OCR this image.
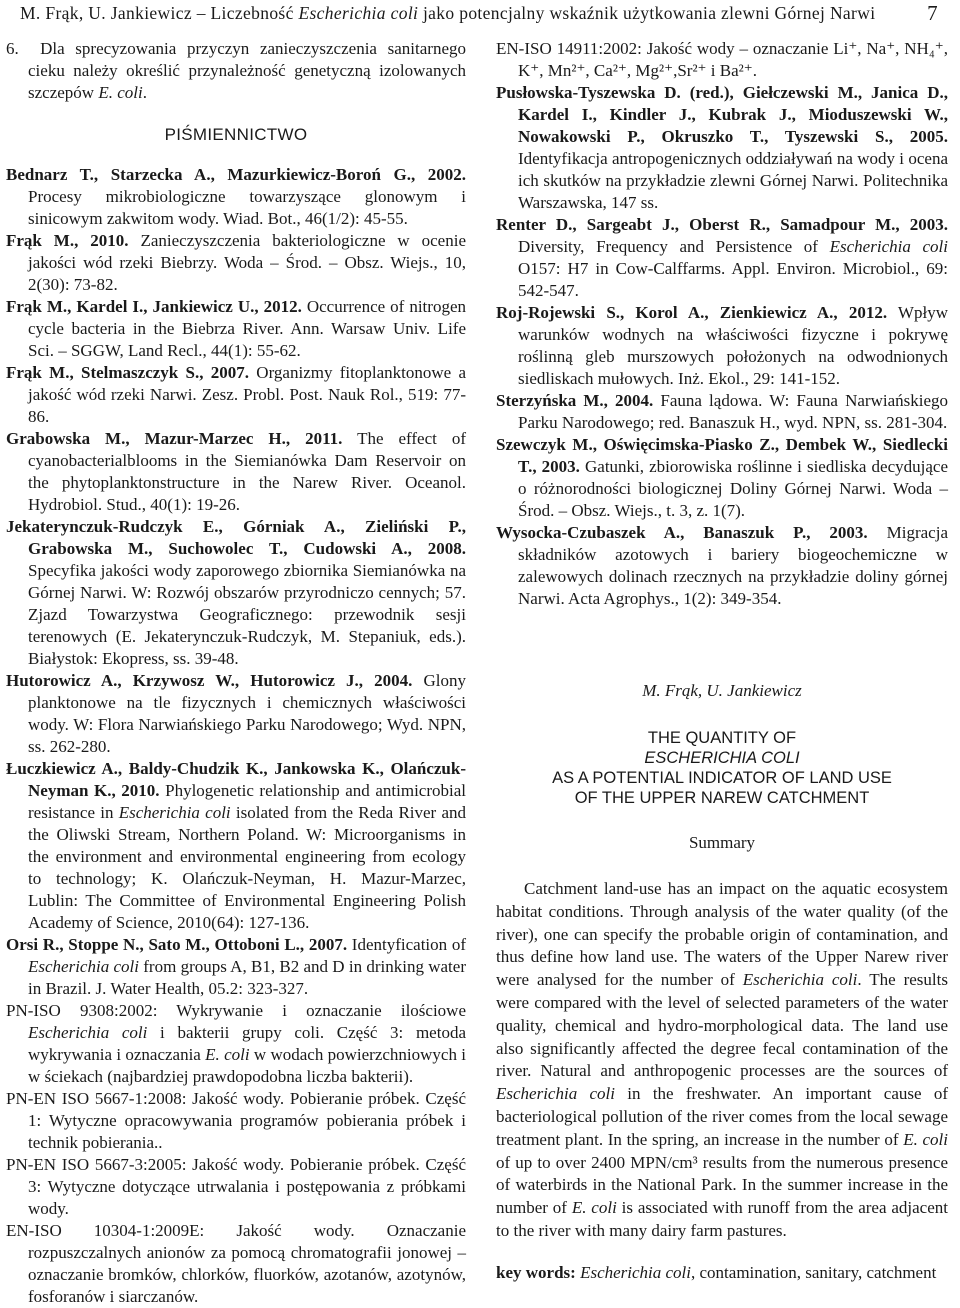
M. Frąk, U. Jankiewicz – Liczebność Escherichia coli jako potencjalny wskaźnik użytkowania zlewni Górnej Narwi 7

6. Dla sprecyzowania przyczyn zanieczyszczenia sanitarnego cieku należy określić przynależność genetyczną izolowanych szczepów E. coli.

PIŚMIENNICTWO

Bednarz T., Starzecka A., Mazurkiewicz-Boroń G., 2002. Procesy mikrobiologiczne towarzyszące glonowym i sinicowym zakwitom wody. Wiad. Bot., 46(1/2): 45-55.

Frąk M., 2010. Zanieczyszczenia bakteriologiczne w ocenie jakości wód rzeki Biebrzy. Woda – Środ. – Obsz. Wiejs., 10, 2(30): 73-82.

Frąk M., Kardel I., Jankiewicz U., 2012. Occurrence of nitrogen cycle bacteria in the Biebrza River. Ann. Warsaw Univ. Life Sci. – SGGW, Land Recl., 44(1): 55-62.

Frąk M., Stelmaszczyk S., 2007. Organizmy fitoplanktonowe a jakość wód rzeki Narwi. Zesz. Probl. Post. Nauk Rol., 519: 77-86.

Grabowska M., Mazur-Marzec H., 2011. The effect of cyanobacterialblooms in the Siemianówka Dam Reservoir on the phytoplanktonstructure in the Narew River. Oceanol. Hydrobiol. Stud., 40(1): 19-26.

Jekaterynczuk-Rudczyk E., Górniak A., Zieliński P., Grabowska M., Suchowolec T., Cudowski A., 2008. Specyfika jakości wody zaporowego zbiornika Siemianówka na Górnej Narwi. W: Rozwój obszarów przyrodniczo cennych; 57. Zjazd Towarzystwa Geograficznego: przewodnik sesji terenowych (E. Jekaterynczuk-Rudczyk, M. Stepaniuk, eds.). Białystok: Ekopress, ss. 39-48.

Hutorowicz A., Krzywosz W., Hutorowicz J., 2004. Glony planktonowe na tle fizycznych i chemicznych właściwości wody. W: Flora Narwiańskiego Parku Narodowego; Wyd. NPN, ss. 262-280.

Łuczkiewicz A., Baldy-Chudzik K., Jankowska K., Olańczuk-Neyman K., 2010. Phylogenetic relationship and antimicrobial resistance in Escherichia coli isolated from the Reda River and the Oliwski Stream, Northern Poland. W: Microorganisms in the environment and environmental engineering from ecology to technology; K. Olańczuk-Neyman, H. Mazur-Marzec, Lublin: The Committee of Environmental Engineering Polish Academy of Science, 2010(64): 127-136.

Orsi R., Stoppe N., Sato M., Ottoboni L., 2007. Identyfication of Escherichia coli from groups A, B1, B2 and D in drinking water in Brazil. J. Water Health, 05.2: 323-327.

PN-ISO 9308:2002: Wykrywanie i oznaczanie ilościowe Escherichia coli i bakterii grupy coli. Część 3: metoda wykrywania i oznaczania E. coli w wodach powierzchniowych i w ściekach (najbardziej prawdopodobna liczba bakterii).

PN-EN ISO 5667-1:2008: Jakość wody. Pobieranie próbek. Część 1: Wytyczne opracowywania programów pobierania próbek i technik pobierania..

PN-EN ISO 5667-3:2005: Jakość wody. Pobieranie próbek. Część 3: Wytyczne dotyczące utrwalania i postępowania z próbkami wody.

EN-ISO 10304-1:2009E: Jakość wody. Oznaczanie rozpuszczalnych anionów za pomocą chromatografii jonowej – oznaczanie bromków, chlorków, fluorków, azotanów, azotynów, fosforanów i siarczanów.

EN-ISO 14911:2002: Jakość wody – oznaczanie Li⁺, Na⁺, NH₄⁺, K⁺, Mn²⁺, Ca²⁺, Mg²⁺,Sr²⁺ i Ba²⁺.

Pusłowska-Tyszewska D. (red.), Giełczewski M., Janica D., Kardel I., Kindler J., Kubrak J., Mioduszewski W., Nowakowski P., Okruszko T., Tyszewski S., 2005. Identyfikacja antropogenicznych oddziaływań na wody i ocena ich skutków na przykładzie zlewni Górnej Narwi. Politechnika Warszawska, 147 ss.

Renter D., Sargeabt J., Oberst R., Samadpour M., 2003. Diversity, Frequency and Persistence of Escherichia coli O157: H7 in Cow-Calffarms. Appl. Environ. Microbiol., 69: 542-547.

Roj-Rojewski S., Korol A., Zienkiewicz A., 2012. Wpływ warunków wodnych na właściwości fizyczne i pokrywę roślinną gleb murszowych położonych na odwodnionych siedliskach mułowych. Inż. Ekol., 29: 141-152.

Sterzyńska M., 2004. Fauna lądowa. W: Fauna Narwiańskiego Parku Narodowego; red. Banaszuk H., wyd. NPN, ss. 281-304.

Szewczyk M., Oświęcimska-Piasko Z., Dembek W., Siedlecki T., 2003. Gatunki, zbiorowiska roślinne i siedliska decydujące o różnorodności biologicznej Doliny Górnej Narwi. Woda – Środ. – Obsz. Wiejs., t. 3, z. 1(7).

Wysocka-Czubaszek A., Banaszuk P., 2003. Migracja składników azotowych i bariery biogeochemiczne w zalewowych dolinach rzecznych na przykładzie doliny górnej Narwi. Acta Agrophys., 1(2): 349-354.

M. Frąk, U. Jankiewicz

THE QUANTITY OF
ESCHERICHIA COLI
AS A POTENTIAL INDICATOR OF LAND USE
OF THE UPPER NAREW CATCHMENT

Summary

Catchment land-use has an impact on the aquatic ecosystem habitat conditions. Through analysis of the water quality (of the river), one can specify the probable origin of contamination, and thus define how land use. The waters of the Upper Narew river were analysed for the number of Escherichia coli. The results were compared with the level of selected parameters of the water quality, chemical and hydro-morphological data. The land use also significantly affected the degree fecal contamination of the river. Natural and anthropogenic processes are the sources of Escherichia coli in the freshwater. An important cause of bacteriological pollution of the river comes from the local sewage treatment plant. In the spring, an increase in the number of E. coli of up to over 2400 MPN/cm³ results from the numerous presence of waterbirds in the National Park. In the summer increase in the number of E. coli is associated with runoff from the area adjacent to the river with many dairy farm pastures.

key words: Escherichia coli, contamination, sanitary, catchment
